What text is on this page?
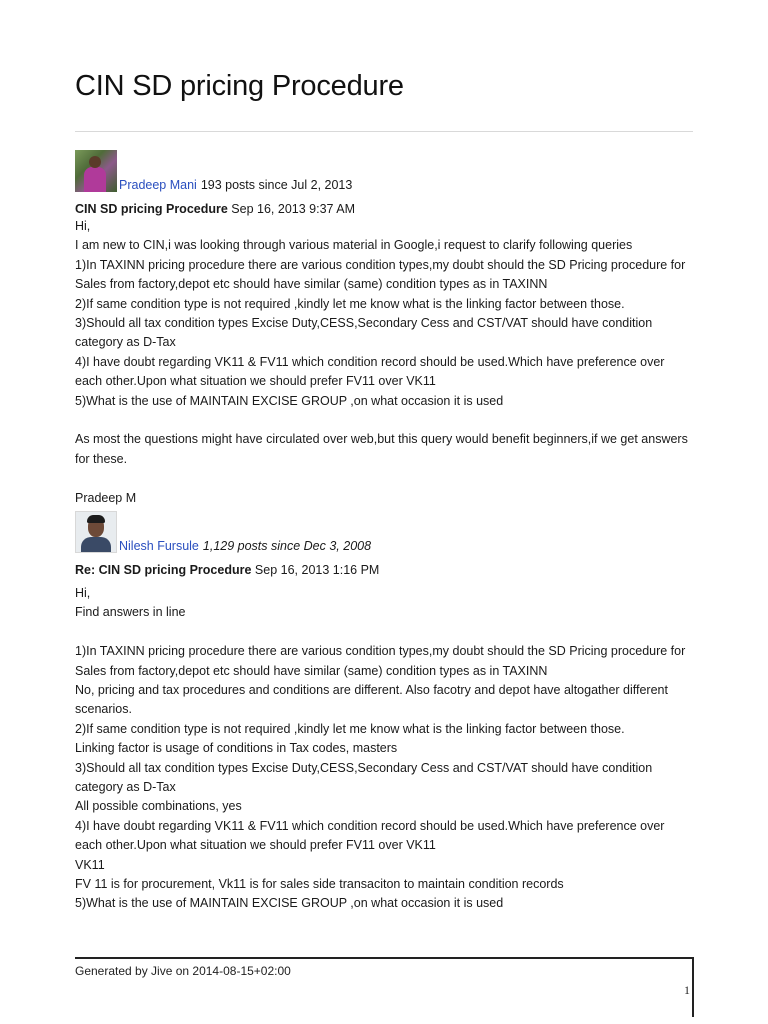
CIN SD pricing Procedure
Pradeep Mani 193 posts since Jul 2, 2013
CIN SD pricing Procedure Sep 16, 2013 9:37 AM

Hi,

I am new to CIN,i was looking through various material in Google,i request to clarify following queries

1)In TAXINN pricing procedure there are various condition types,my doubt should the SD Pricing procedure for

Sales from factory,depot etc should have similar (same) condition types as in TAXINN

2)If same condition type is not required ,kindly let me know what is the linking factor between those.

3)Should all tax condition types Excise Duty,CESS,Secondary Cess and CST/VAT should have condition

category as D-Tax

4)I have doubt regarding VK11 & FV11 which condition record should be used.Which have preference over

each other.Upon what situation we should prefer FV11 over VK11

5)What is the use of MAINTAIN EXCISE GROUP ,on what occasion it is used

As most the questions might have circulated over web,but this query would benefit beginners,if we get answers

for these.

Pradeep M

Nilesh Fursule 1,129 posts since Dec 3, 2008
Re: CIN SD pricing Procedure Sep 16, 2013 1:16 PM

Hi,

Find answers in line

1)In TAXINN pricing procedure there are various condition types,my doubt should the SD Pricing procedure for

Sales from factory,depot etc should have similar (same) condition types as in TAXINN

No, pricing and tax procedures and conditions are different. Also facotry and depot have altogather different

scenarios.

2)If same condition type is not required ,kindly let me know what is the linking factor between those.

Linking factor is usage of conditions in Tax codes, masters

3)Should all tax condition types Excise Duty,CESS,Secondary Cess and CST/VAT should have condition

category as D-Tax

All possible combinations, yes

4)I have doubt regarding VK11 & FV11 which condition record should be used.Which have preference over

each other.Upon what situation we should prefer FV11 over VK11

VK11

FV 11 is for procurement, Vk11 is for sales side transaciton to maintain condition records

5)What is the use of MAINTAIN EXCISE GROUP ,on what occasion it is used

Generated by Jive on 2014-08-15+02:00
1
